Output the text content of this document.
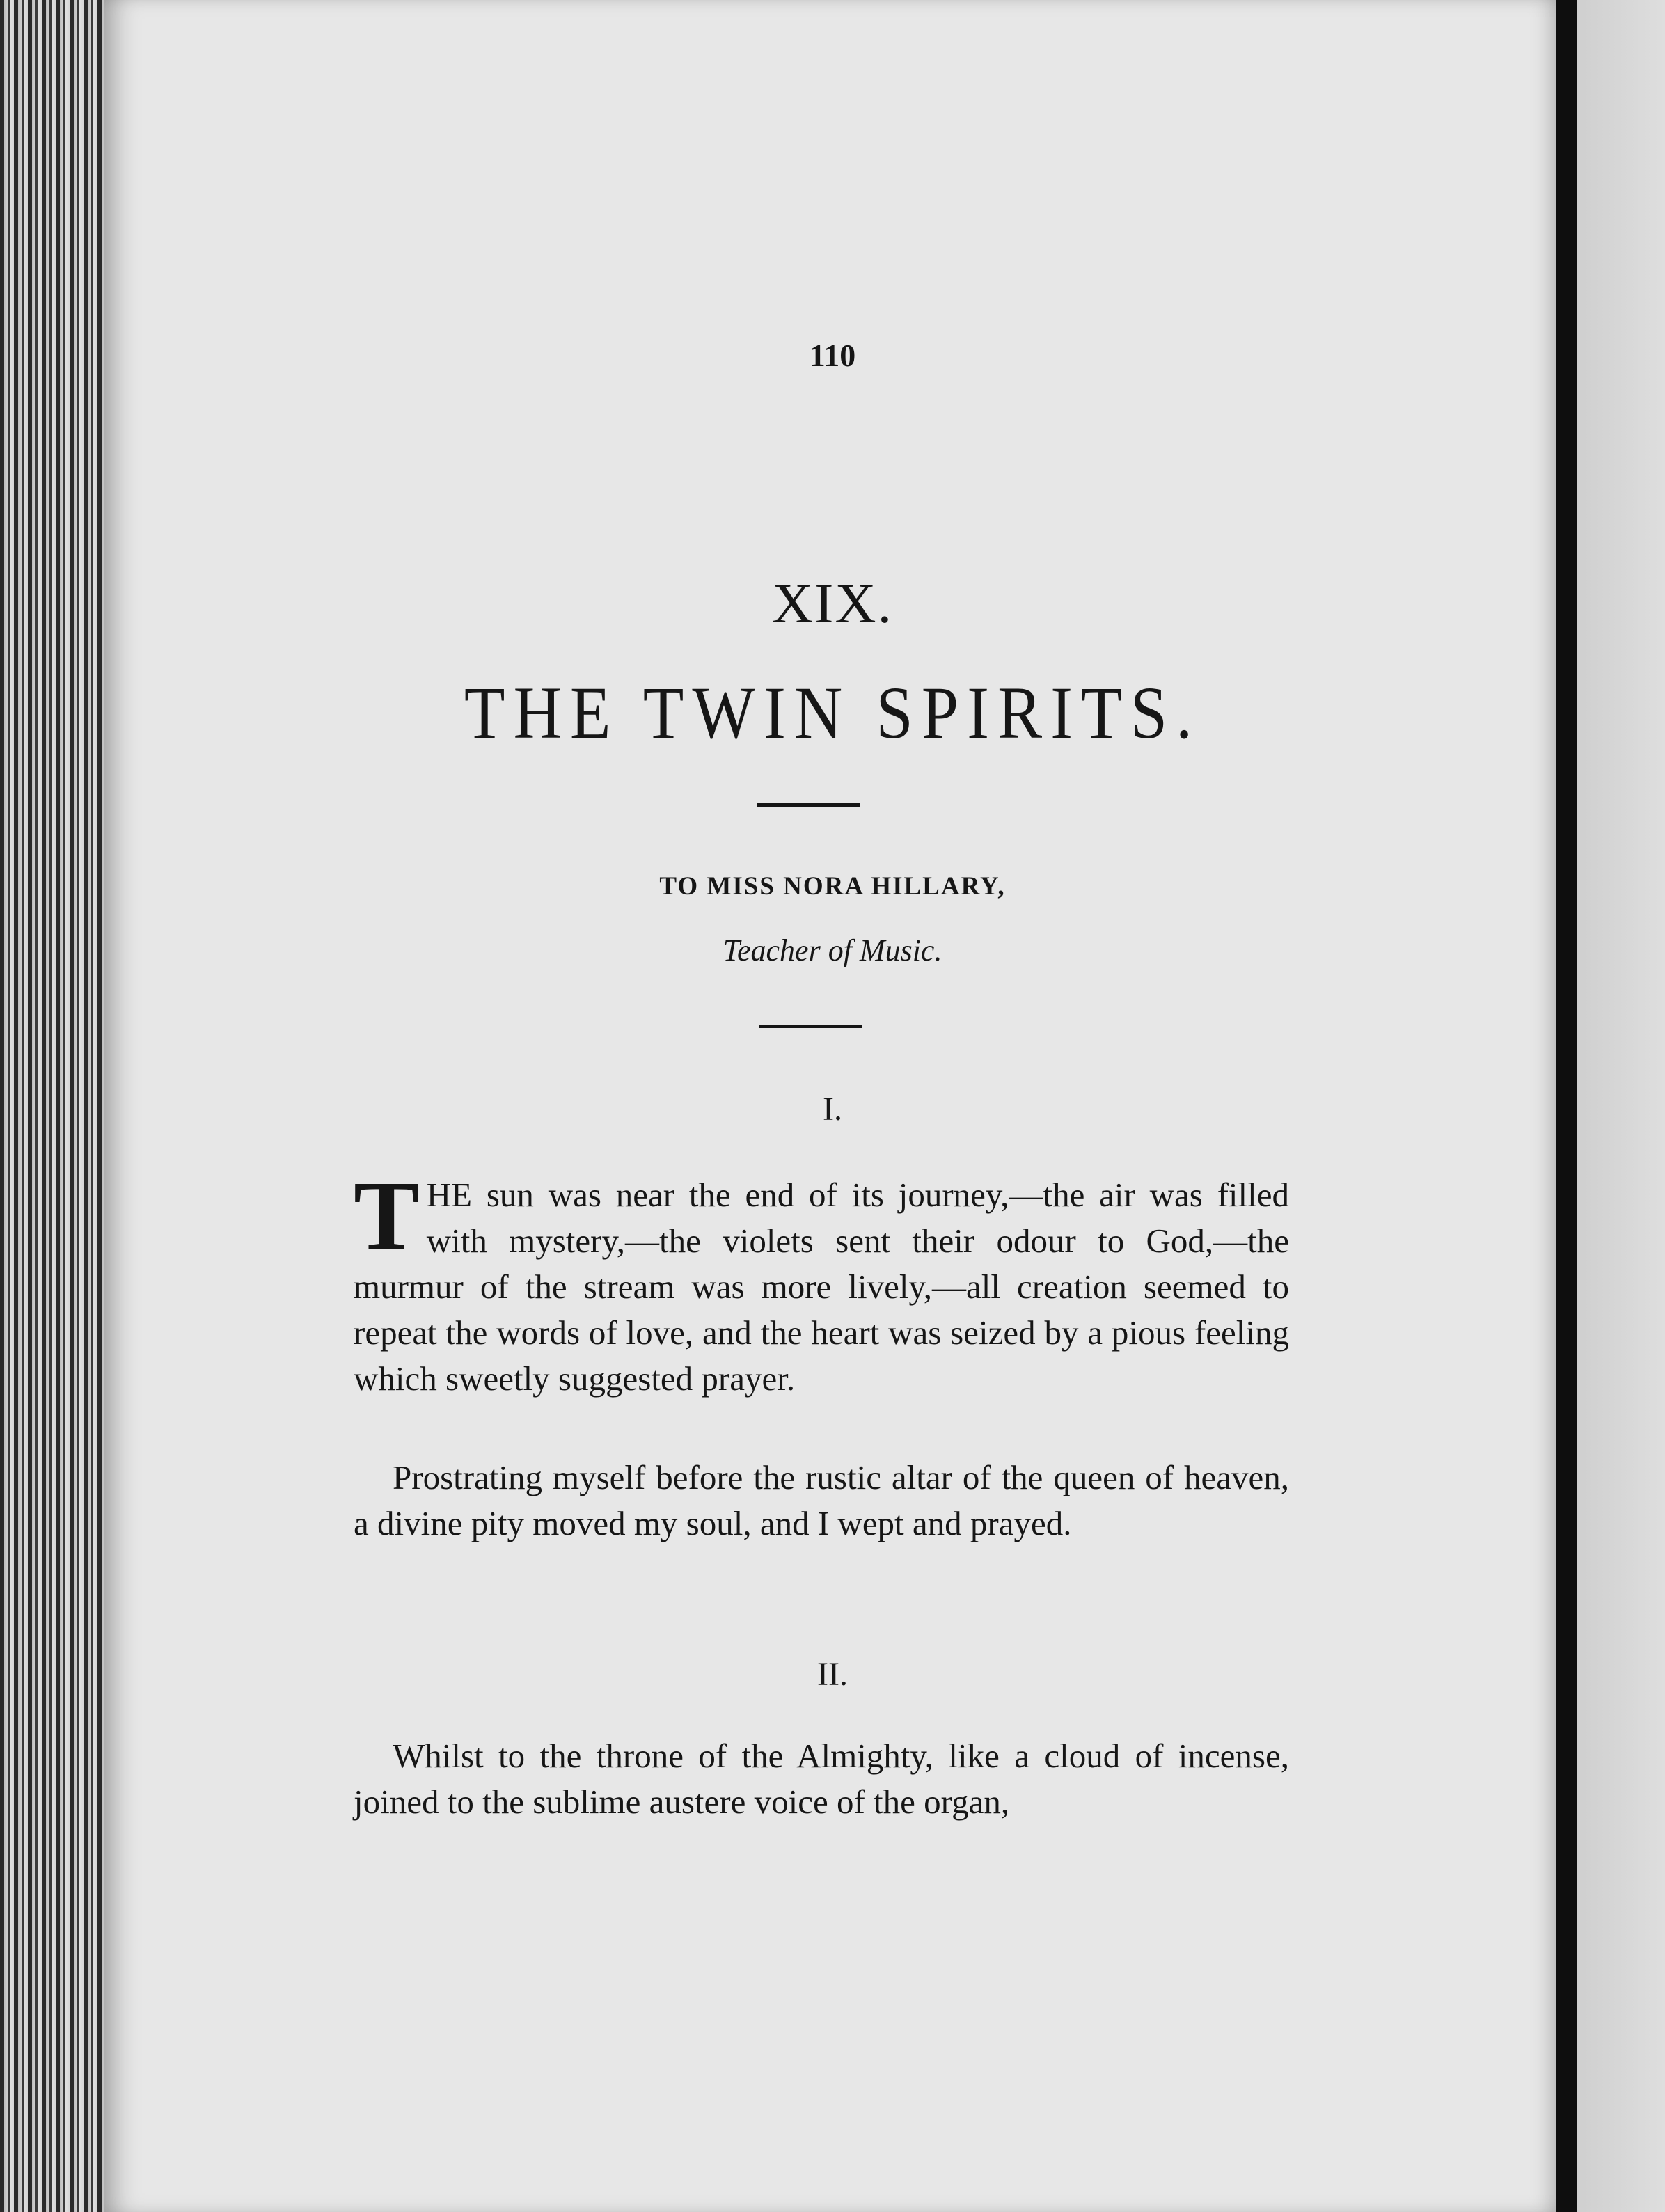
110
XIX.
THE TWIN SPIRITS.
TO MISS NORA HILLARY,
Teacher of Music.
I.
THE sun was near the end of its journey,—the air was filled with mystery,—the violets sent their odour to God,—the murmur of the stream was more lively,—all creation seemed to repeat the words of love, and the heart was seized by a pious feeling which sweetly suggested prayer.
Prostrating myself before the rustic altar of the queen of heaven, a divine pity moved my soul, and I wept and prayed.
II.
Whilst to the throne of the Almighty, like a cloud of incense, joined to the sublime austere voice of the organ,
